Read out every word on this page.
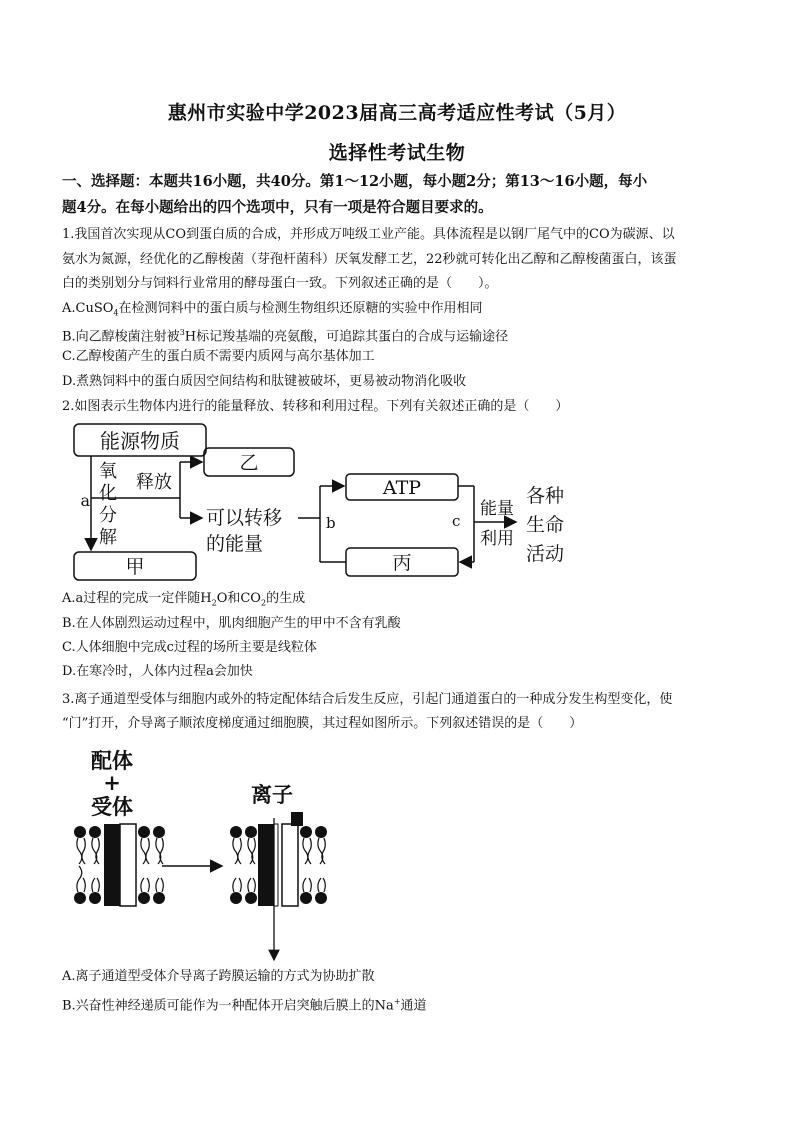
惠州市实验中学2023届高三高考适应性考试（5月）
选择性考试生物
一、选择题：本题共16小题，共40分。第1～12小题，每小题2分；第13～16小题，每小
题4分。在每小题给出的四个选项中，只有一项是符合题目要求的。
1.我国首次实现从CO到蛋白质的合成，并形成万吨级工业产能。具体流程是以钢厂尾气中的CO为碳源、以
氨水为氮源，经优化的乙醇梭菌（芽孢杆菌科）厌氧发酵工艺，22秒就可转化出乙醇和乙醇梭菌蛋白，该蛋
白的类别划分与饲料行业常用的酵母蛋白一致。下列叙述正确的是（　　）。
A.CuSO$_4$在检测饲料中的蛋白质与检测生物组织还原糖的实验中作用相同
B.向乙醇梭菌注射被$^3$H标记羧基端的亮氨酸，可追踪其蛋白的合成与运输途径
C.乙醇梭菌产生的蛋白质不需要内质网与高尔基体加工
D.煮熟饲料中的蛋白质因空间结构和肽键被破坏，更易被动物消化吸收
2.如图表示生物体内进行的能量释放、转移和利用过程。下列有关叙述正确的是（　　）
能源物质
氧
化
分
解
a
释放
乙
可以转移
的能量
甲
b
ATP
丙
c
能量
利用
各种
生命
活动
A.a过程的完成一定伴随$H_2O$和$CO_2$的生成
B.在人体剧烈运动过程中，肌肉细胞产生的甲中不含有乳酸
C.人体细胞中完成c过程的场所主要是线粒体
D.在寒冷时，人体内过程a会加快
3.离子通道型受体与细胞内或外的特定配体结合后发生反应，引起门通道蛋白的一种成分发生构型变化，使
“门”打开，介导离子顺浓度梯度通过细胞膜，其过程如图所示。下列叙述错误的是（　　）
配体
+
受体	离子
A.离子通道型受体介导离子跨膜运输的方式为协助扩散
B.兴奋性神经递质可能作为一种配体开启突触后膜上的Na+通道
